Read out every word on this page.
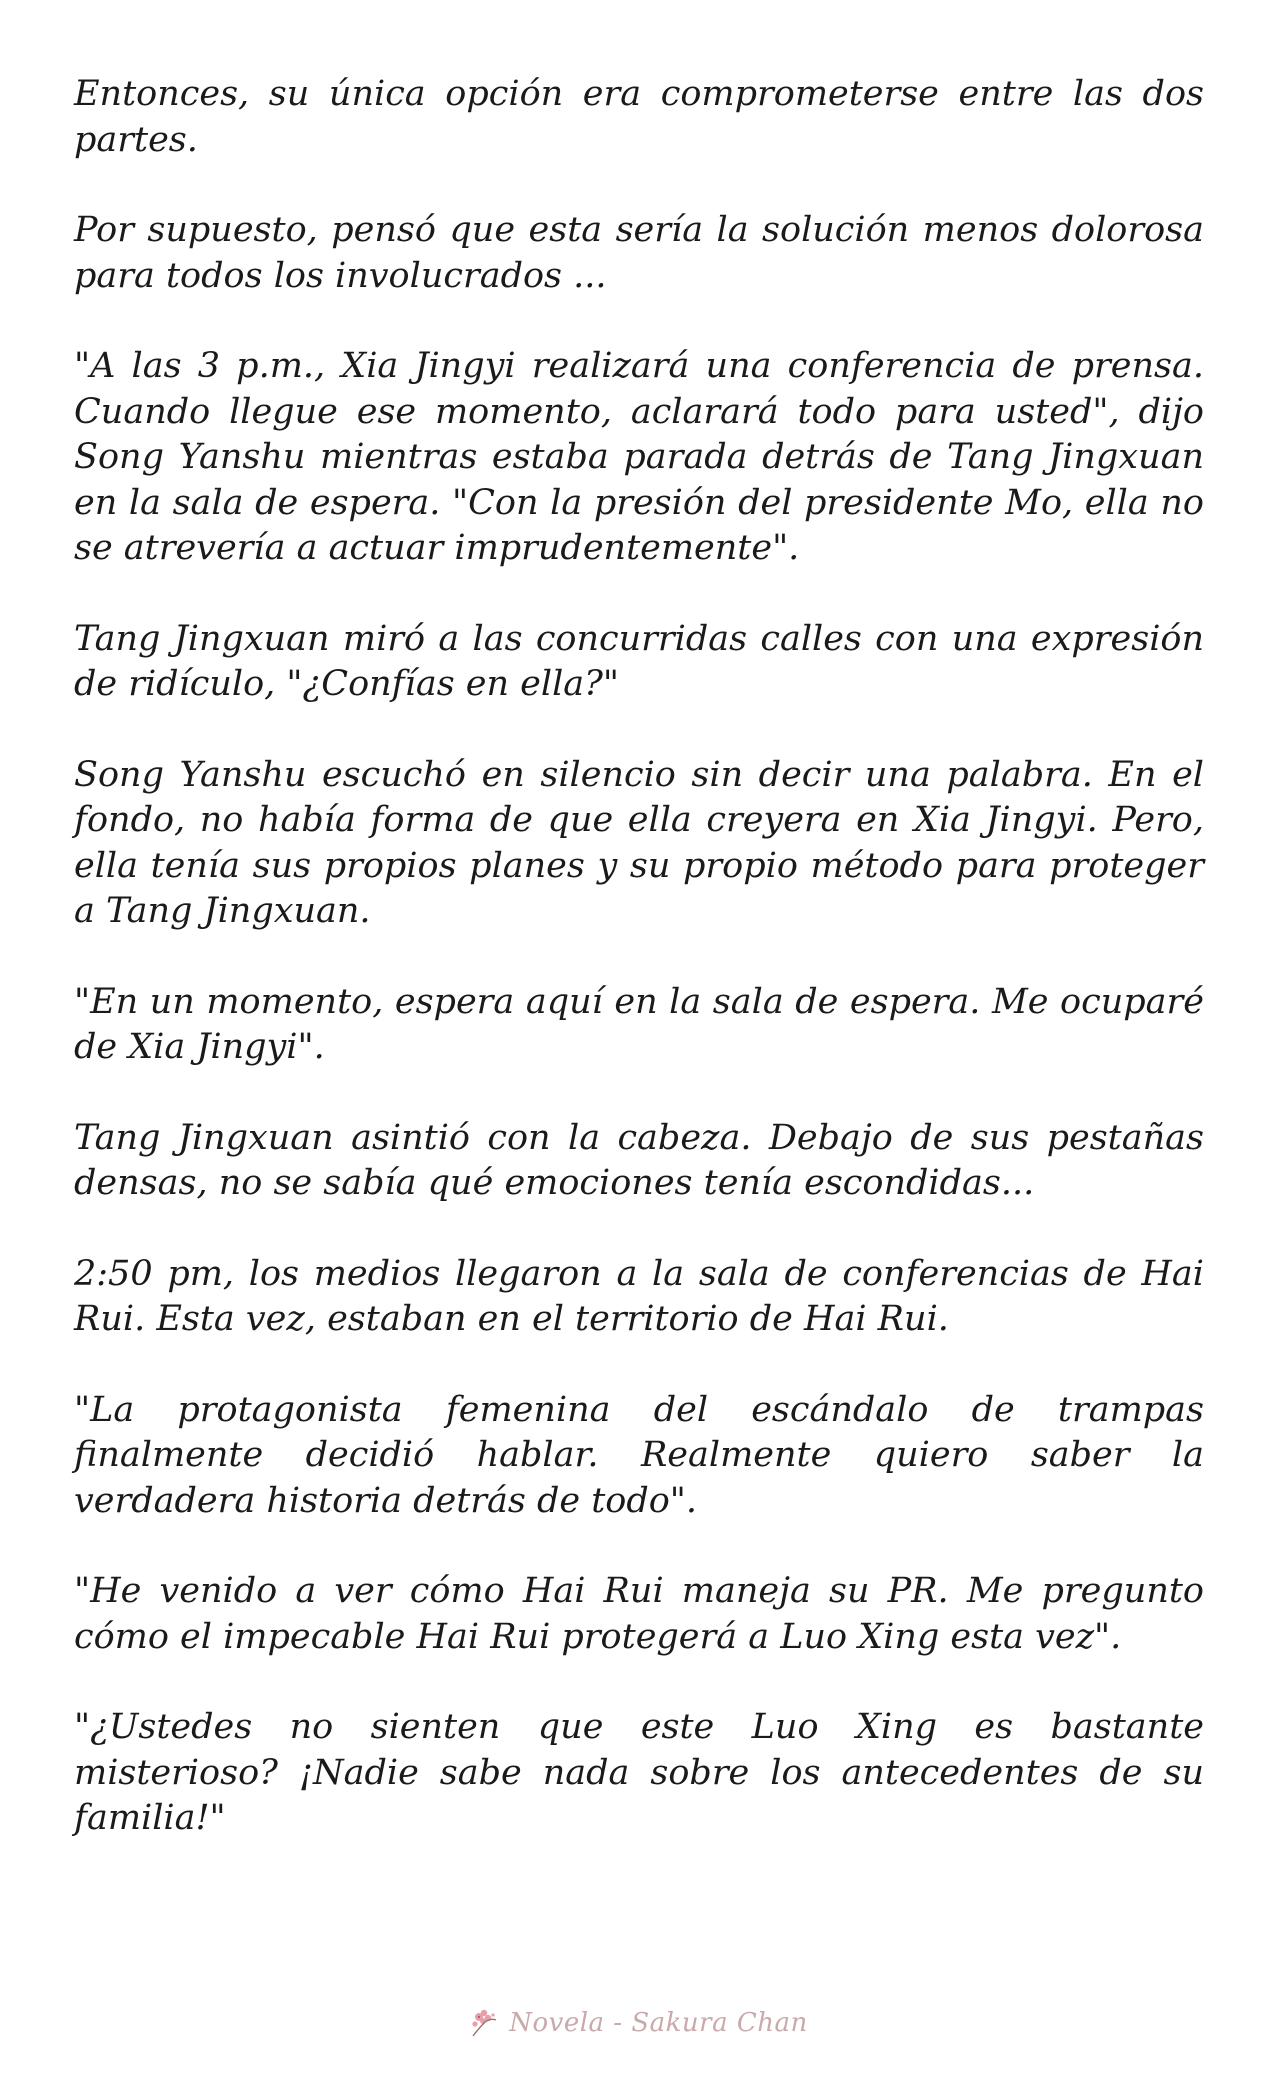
Entonces, su única opción era comprometerse entre las dos partes.

Por supuesto, pensó que esta sería la solución menos dolorosa para todos los involucrados ...

"A las 3 p.m., Xia Jingyi realizará una conferencia de prensa. Cuando llegue ese momento, aclarará todo para usted", dijo Song Yanshu mientras estaba parada detrás de Tang Jingxuan en la sala de espera. "Con la presión del presidente Mo, ella no se atrevería a actuar imprudentemente".

Tang Jingxuan miró a las concurridas calles con una expresión de ridículo, "¿Confías en ella?"

Song Yanshu escuchó en silencio sin decir una palabra. En el fondo, no había forma de que ella creyera en Xia Jingyi. Pero, ella tenía sus propios planes y su propio método para proteger a Tang Jingxuan.

"En un momento, espera aquí en la sala de espera. Me ocuparé de Xia Jingyi".

Tang Jingxuan asintió con la cabeza. Debajo de sus pestañas densas, no se sabía qué emociones tenía escondidas...

2:50 pm, los medios llegaron a la sala de conferencias de Hai Rui. Esta vez, estaban en el territorio de Hai Rui.

"La protagonista femenina del escándalo de trampas finalmente decidió hablar. Realmente quiero saber la verdadera historia detrás de todo".

"He venido a ver cómo Hai Rui maneja su PR. Me pregunto cómo el impecable Hai Rui protegerá a Luo Xing esta vez".

"¿Ustedes no sienten que este Luo Xing es bastante misterioso? ¡Nadie sabe nada sobre los antecedentes de su familia!"

Novela - Sakura Chan
